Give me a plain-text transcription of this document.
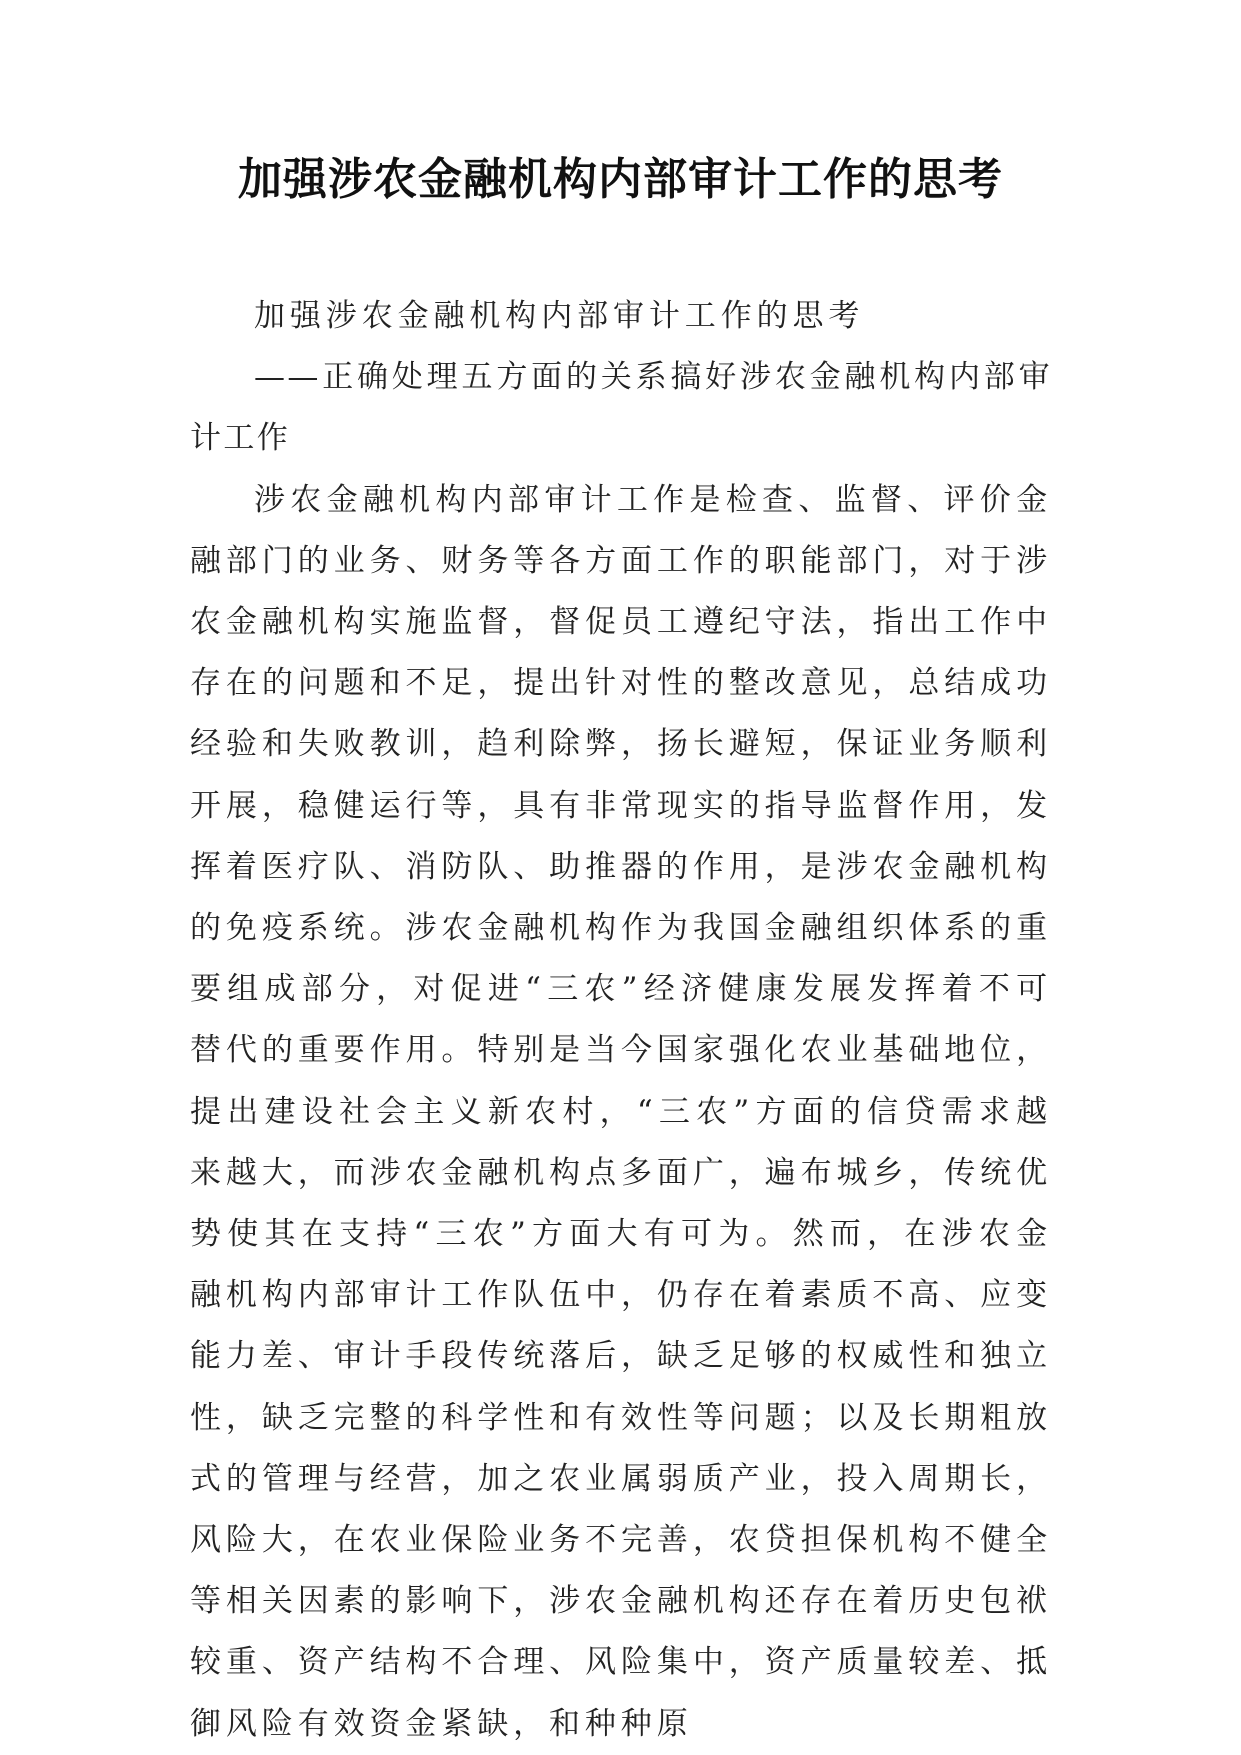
加强涉农金融机构内部审计工作的思考

加强涉农金融机构内部审计工作的思考

——正确处理五方面的关系搞好涉农金融机构内部审计工作

涉农金融机构内部审计工作是检查、监督、评价金融部门的业务、财务等各方面工作的职能部门，对于涉农金融机构实施监督，督促员工遵纪守法，指出工作中存在的问题和不足，提出针对性的整改意见，总结成功经验和失败教训，趋利除弊，扬长避短，保证业务顺利开展，稳健运行等，具有非常现实的指导监督作用，发挥着医疗队、消防队、助推器的作用，是涉农金融机构的免疫系统。涉农金融机构作为我国金融组织体系的重要组成部分，对促进“三农”经济健康发展发挥着不可替代的重要作用。特别是当今国家强化农业基础地位，提出建设社会主义新农村，“三农”方面的信贷需求越来越大，而涉农金融机构点多面广，遍布城乡，传统优势使其在支持“三农”方面大有可为。然而，在涉农金融机构内部审计工作队伍中，仍存在着素质不高、应变能力差、审计手段传统落后，缺乏足够的权威性和独立性，缺乏完整的科学性和有效性等问题；以及长期粗放式的管理与经营，加之农业属弱质产业，投入周期长，风险大，在农业保险业务不完善，农贷担保机构不健全等相关因素的影响下，涉农金融机构还存在着历史包袱较重、资产结构不合理、风险集中，资产质量较差、抵御风险有效资金紧缺，和种种原
